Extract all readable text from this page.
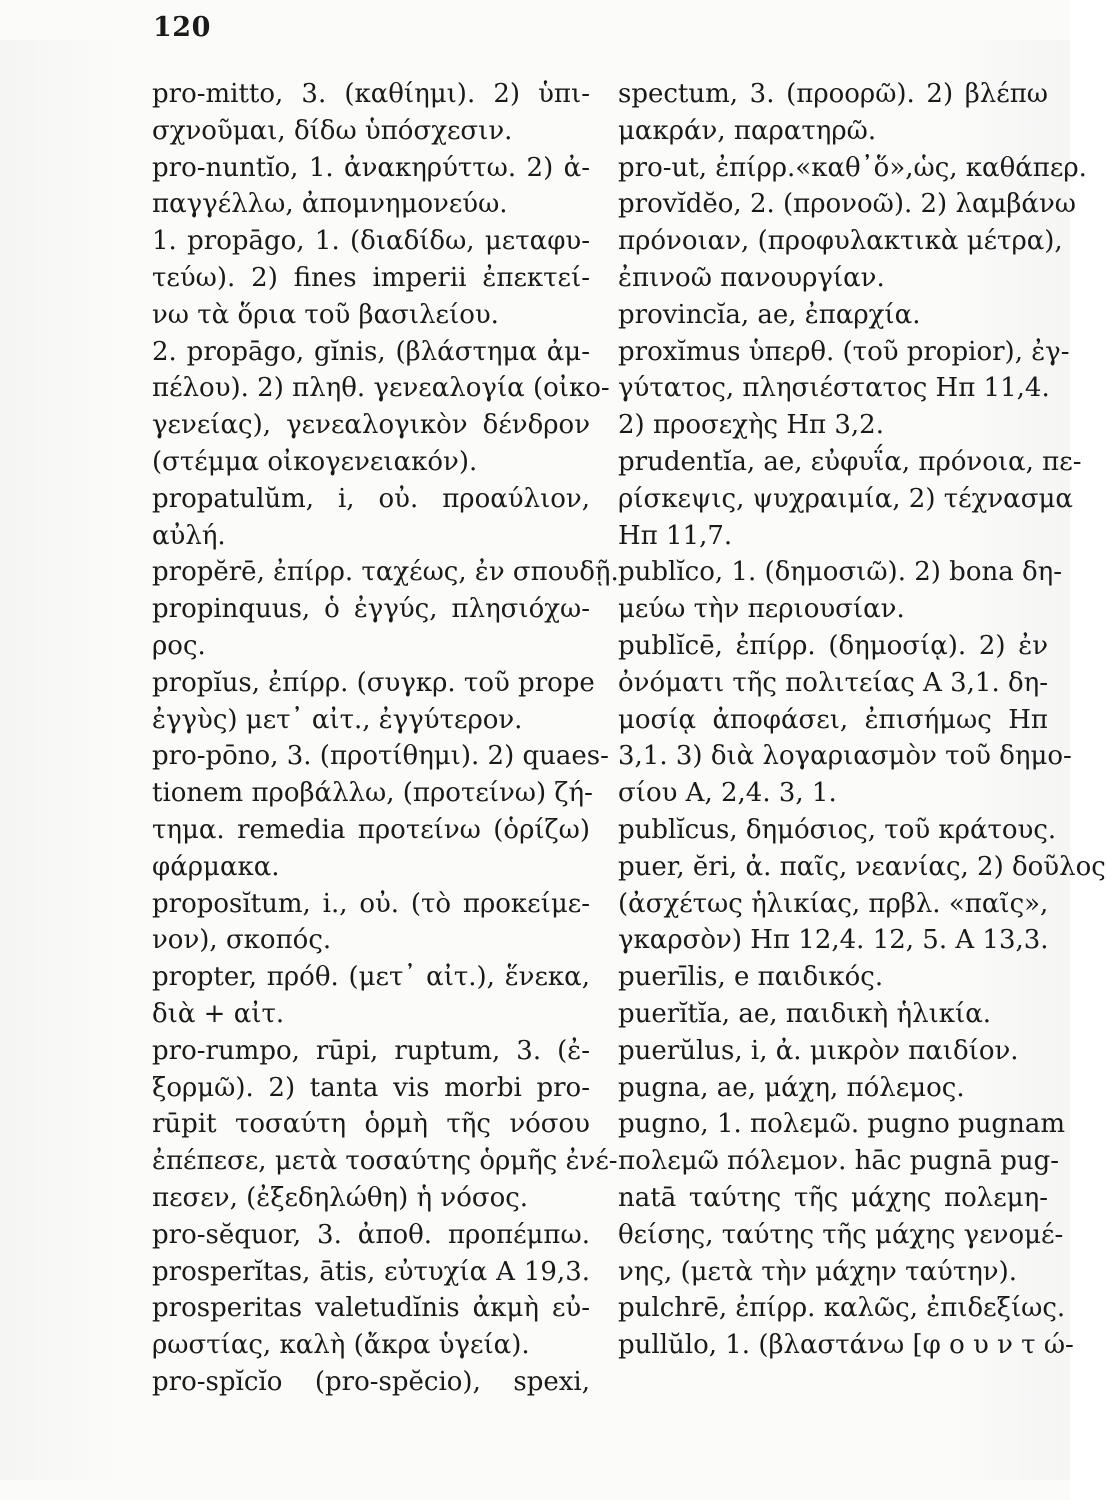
120
pro-mitto, 3. (καθίημι). 2) ὑπι-
σχνοῦμαι, δίδω ὑπόσχεσιν.
pro-nuntĭo, 1. ἀνακηρύττω. 2) ἀ-
παγγέλλω, ἀπομνημονεύω.
1. propāgo, 1. (διαδίδω, μεταφυ-
τεύω). 2) fines imperii ἐπεκτεί-
νω τὰ ὅρια τοῦ βασιλείου.
2. propāgo, gĭnis, (βλάστημα ἀμ-
πέλου). 2) πληθ. γενεαλογία (οἰκο-
γενείας), γενεαλογικὸν δένδρον
(στέμμα οἰκογενειακόν).
propatulŭm, i, οὐ. προαύλιον,
αὐλή.
propĕrē, ἐπίρρ. ταχέως, ἐν σπουδῇ.
propinquus, ὁ ἐγγύς, πλησιόχω-
ρος.
propĭus, ἐπίρρ. (συγκρ. τοῦ prope
ἐγγὺς) μετ᾽ αἰτ., ἐγγύτερον.
pro-pōno, 3. (προτίθημι). 2) quaes-
tionem προβάλλω, (προτείνω) ζή-
τημα. remedia προτείνω (ὁρίζω)
φάρμακα.
proposĭtum, i., οὐ. (τὸ προκείμε-
νον), σκοπός.
propter, πρόθ. (μετ᾽ αἰτ.), ἕνεκα,
διὰ + αἰτ.
pro-rumpo, rūpi, ruptum, 3. (ἐ-
ξορμῶ). 2) tanta vis morbi pro-
rūpit τοσαύτη ὁρμὴ τῆς νόσου
ἐπέπεσε, μετὰ τοσαύτης ὁρμῆς ἐνέ-
πεσεν, (ἐξεδηλώθη) ἡ νόσος.
pro-sĕquor, 3. ἀποθ. προπέμπω.
prosperĭtas, ātis, εὐτυχία Α 19,3.
prosperitas valetudĭnis ἀκμὴ εὐ-
ρωστίας, καλὴ (ἄκρα ὑγεία).
pro-spĭcĭo (pro-spĕcio), spexi,
spectum, 3. (προορῶ). 2) βλέπω
μακράν, παρατηρῶ.
pro-ut, ἐπίρρ.«καθ᾽ὅ»,ὡς, καθάπερ.
provĭdĕo, 2. (προνοῶ). 2) λαμβάνω
πρόνοιαν, (προφυλακτικὰ μέτρα),
ἐπινοῶ πανουργίαν.
provincĭa, ae, ἐπαρχία.
proxĭmus ὑπερθ. (τοῦ propior), ἐγ-
γύτατος, πλησιέστατος Ηπ 11,4.
2) προσεχὴς Ηπ 3,2.
prudentĭa, ae, εὐφυΐα, πρόνοια, πε-
ρίσκεψις, ψυχραιμία, 2) τέχνασμα
Ηπ 11,7.
publĭco, 1. (δημοσιῶ). 2) bona δη-
μεύω τὴν περιουσίαν.
publĭcē, ἐπίρρ. (δημοσίᾳ). 2) ἐν
ὀνόματι τῆς πολιτείας Α 3,1. δη-
μοσίᾳ ἀποφάσει, ἐπισήμως Ηπ
3,1. 3) διὰ λογαριασμὸν τοῦ δημο-
σίου Α, 2,4. 3, 1.
publĭcus, δημόσιος, τοῦ κράτους.
puer, ĕri, ἀ. παῖς, νεανίας, 2) δοῦλος
(ἀσχέτως ἡλικίας, πρβλ. «παῖς»,
γκαρσὸν) Ηπ 12,4. 12, 5. Α 13,3.
puerīlis, e παιδικός.
puerĭtĭa, ae, παιδικὴ ἡλικία.
puerŭlus, i, ἀ. μικρὸν παιδίον.
pugna, ae, μάχη, πόλεμος.
pugno, 1. πολεμῶ. pugno pugnam
πολεμῶ πόλεμον. hāc pugnā pug-
natā ταύτης τῆς μάχης πολεμη-
θείσης, ταύτης τῆς μάχης γενομέ-
νης, (μετὰ τὴν μάχην ταύτην).
pulchrē, ἐπίρρ. καλῶς, ἐπιδεξίως.
pullŭlo, 1. (βλαστάνω [φ ο υ ν τ ώ-
